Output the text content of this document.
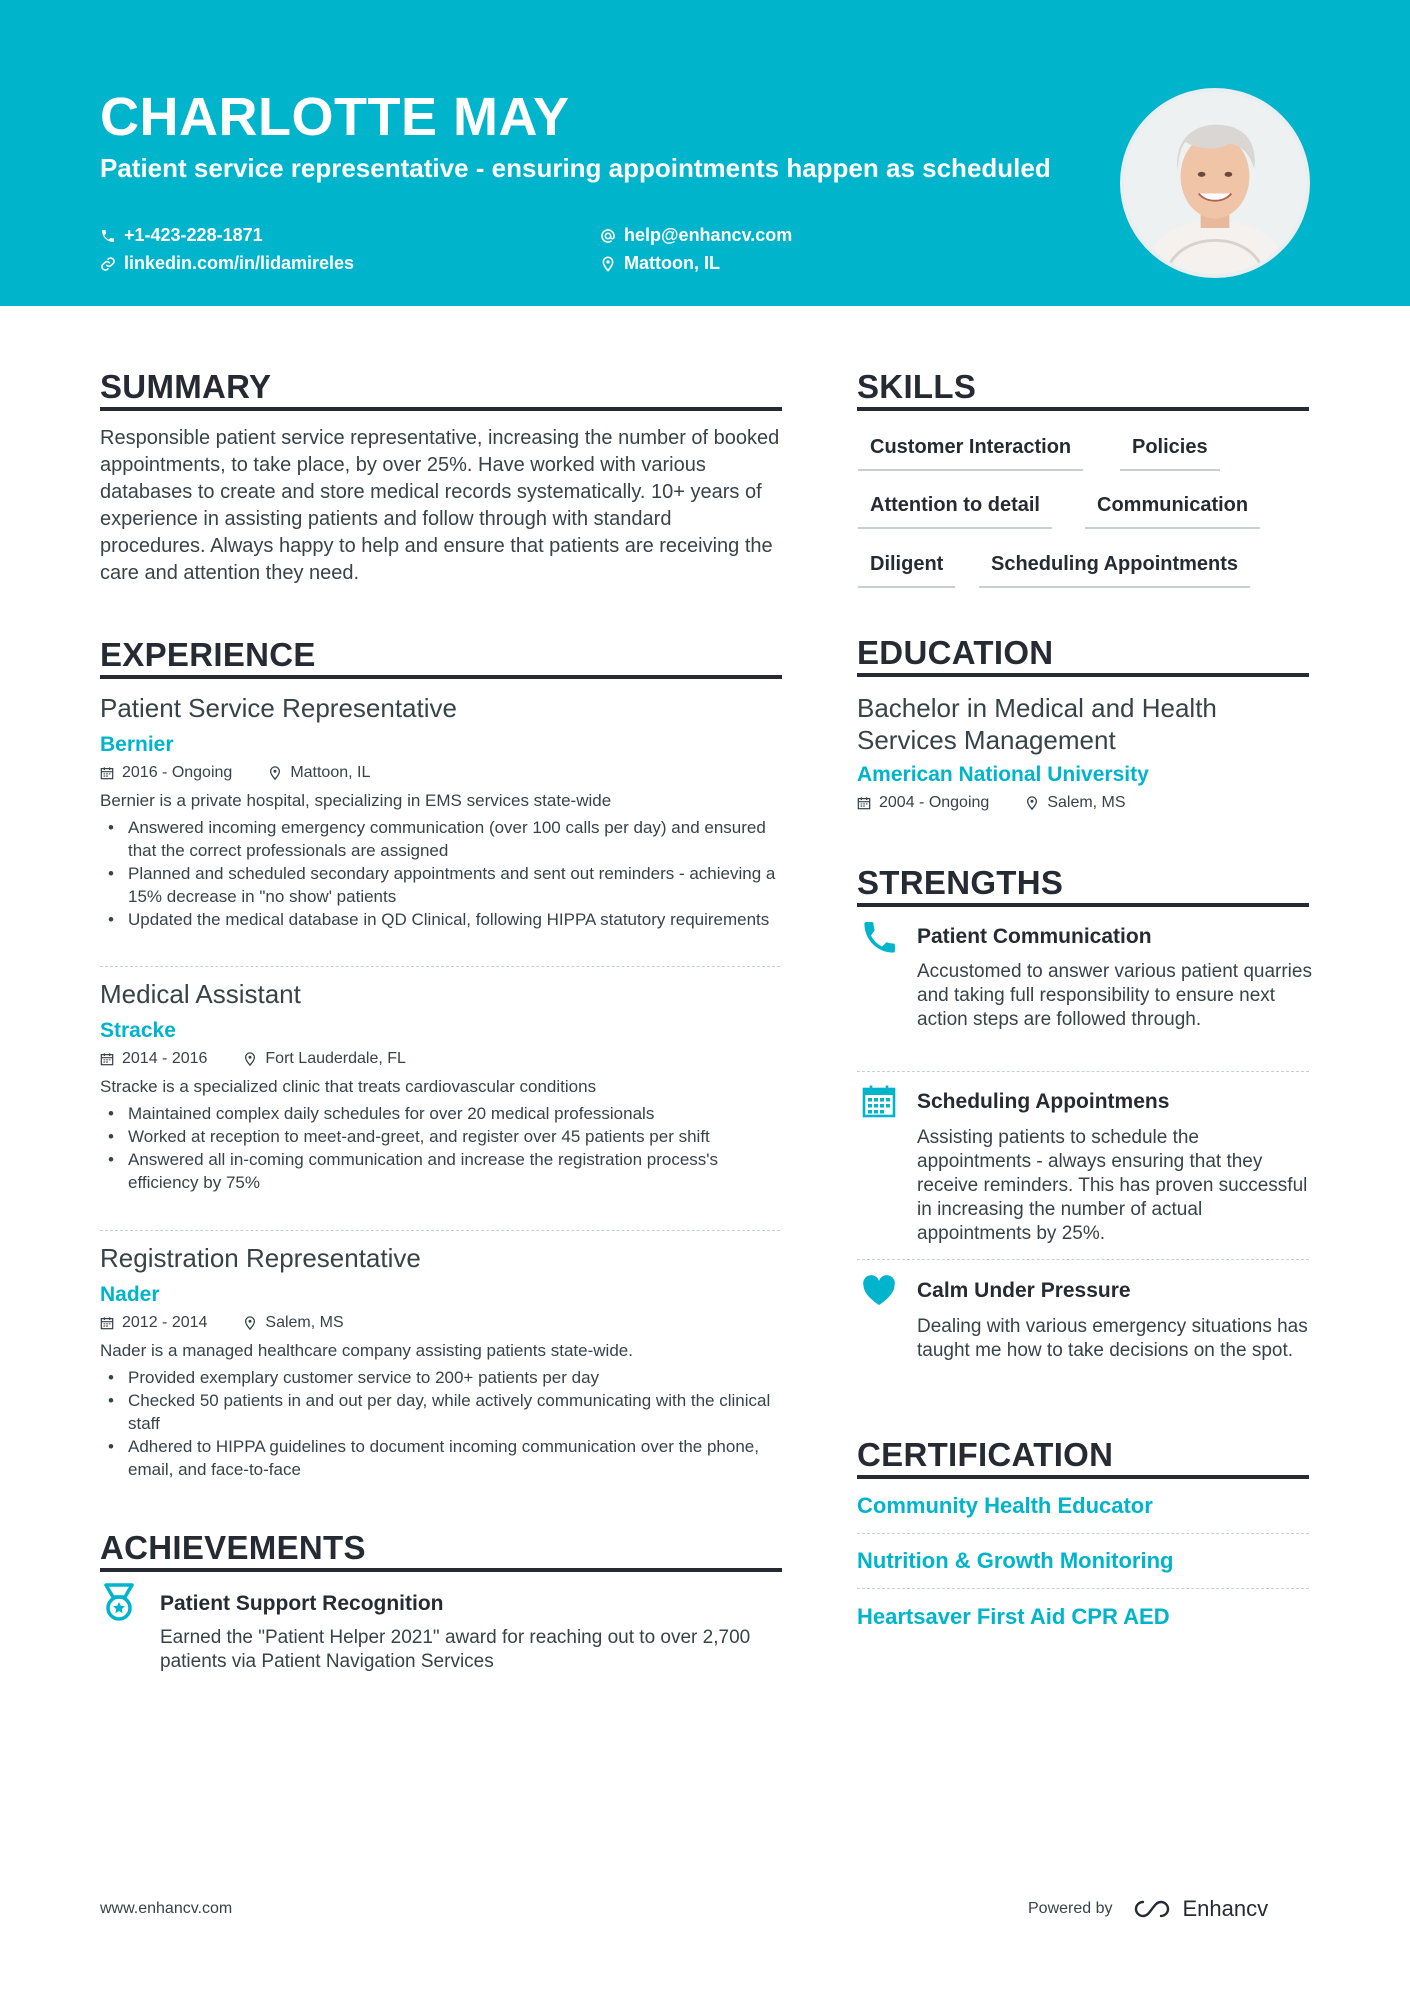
CHARLOTTE MAY
Patient service representative - ensuring appointments happen as scheduled
+1-423-228-1871	help@enhancv.com
linkedin.com/in/lidamireles	Mattoon, IL
SUMMARY
Responsible patient service representative, increasing the number of booked appointments, to take place, by over 25%. Have worked with various databases to create and store medical records systematically. 10+ years of experience in assisting patients and follow through with standard procedures. Always happy to help and ensure that patients are receiving the care and attention they need.
EXPERIENCE
Patient Service Representative
Bernier
2016 - Ongoing	Mattoon, IL
Bernier is a private hospital, specializing in EMS services state-wide
• Answered incoming emergency communication (over 100 calls per day) and ensured that the correct professionals are assigned
• Planned and scheduled secondary appointments and sent out reminders - achieving a 15% decrease in "no show' patients
• Updated the medical database in QD Clinical, following HIPPA statutory requirements
Medical Assistant
Stracke
2014 - 2016	Fort Lauderdale, FL
Stracke is a specialized clinic that treats cardiovascular conditions
• Maintained complex daily schedules for over 20 medical professionals
• Worked at reception to meet-and-greet, and register over 45 patients per shift
• Answered all in-coming communication and increase the registration process's efficiency by 75%
Registration Representative
Nader
2012 - 2014	Salem, MS
Nader is a managed healthcare company assisting patients state-wide.
• Provided exemplary customer service to 200+ patients per day
• Checked 50 patients in and out per day, while actively communicating with the clinical staff
• Adhered to HIPPA guidelines to document incoming communication over the phone, email, and face-to-face
ACHIEVEMENTS
Patient Support Recognition
Earned the "Patient Helper 2021" award for reaching out to over 2,700 patients via Patient Navigation Services
SKILLS
Customer Interaction	Policies
Attention to detail	Communication
Diligent	Scheduling Appointments
EDUCATION
Bachelor in Medical and Health Services Management
American National University
2004 - Ongoing	Salem, MS
STRENGTHS
Patient Communication
Accustomed to answer various patient quarries and taking full responsibility to ensure next action steps are followed through.
Scheduling Appointmens
Assisting patients to schedule the appointments - always ensuring that they receive reminders. This has proven successful in increasing the number of actual appointments by 25%.
Calm Under Pressure
Dealing with various emergency situations has taught me how to take decisions on the spot.
CERTIFICATION
Community Health Educator
Nutrition & Growth Monitoring
Heartsaver First Aid CPR AED
www.enhancv.com	Powered by	Enhancv
